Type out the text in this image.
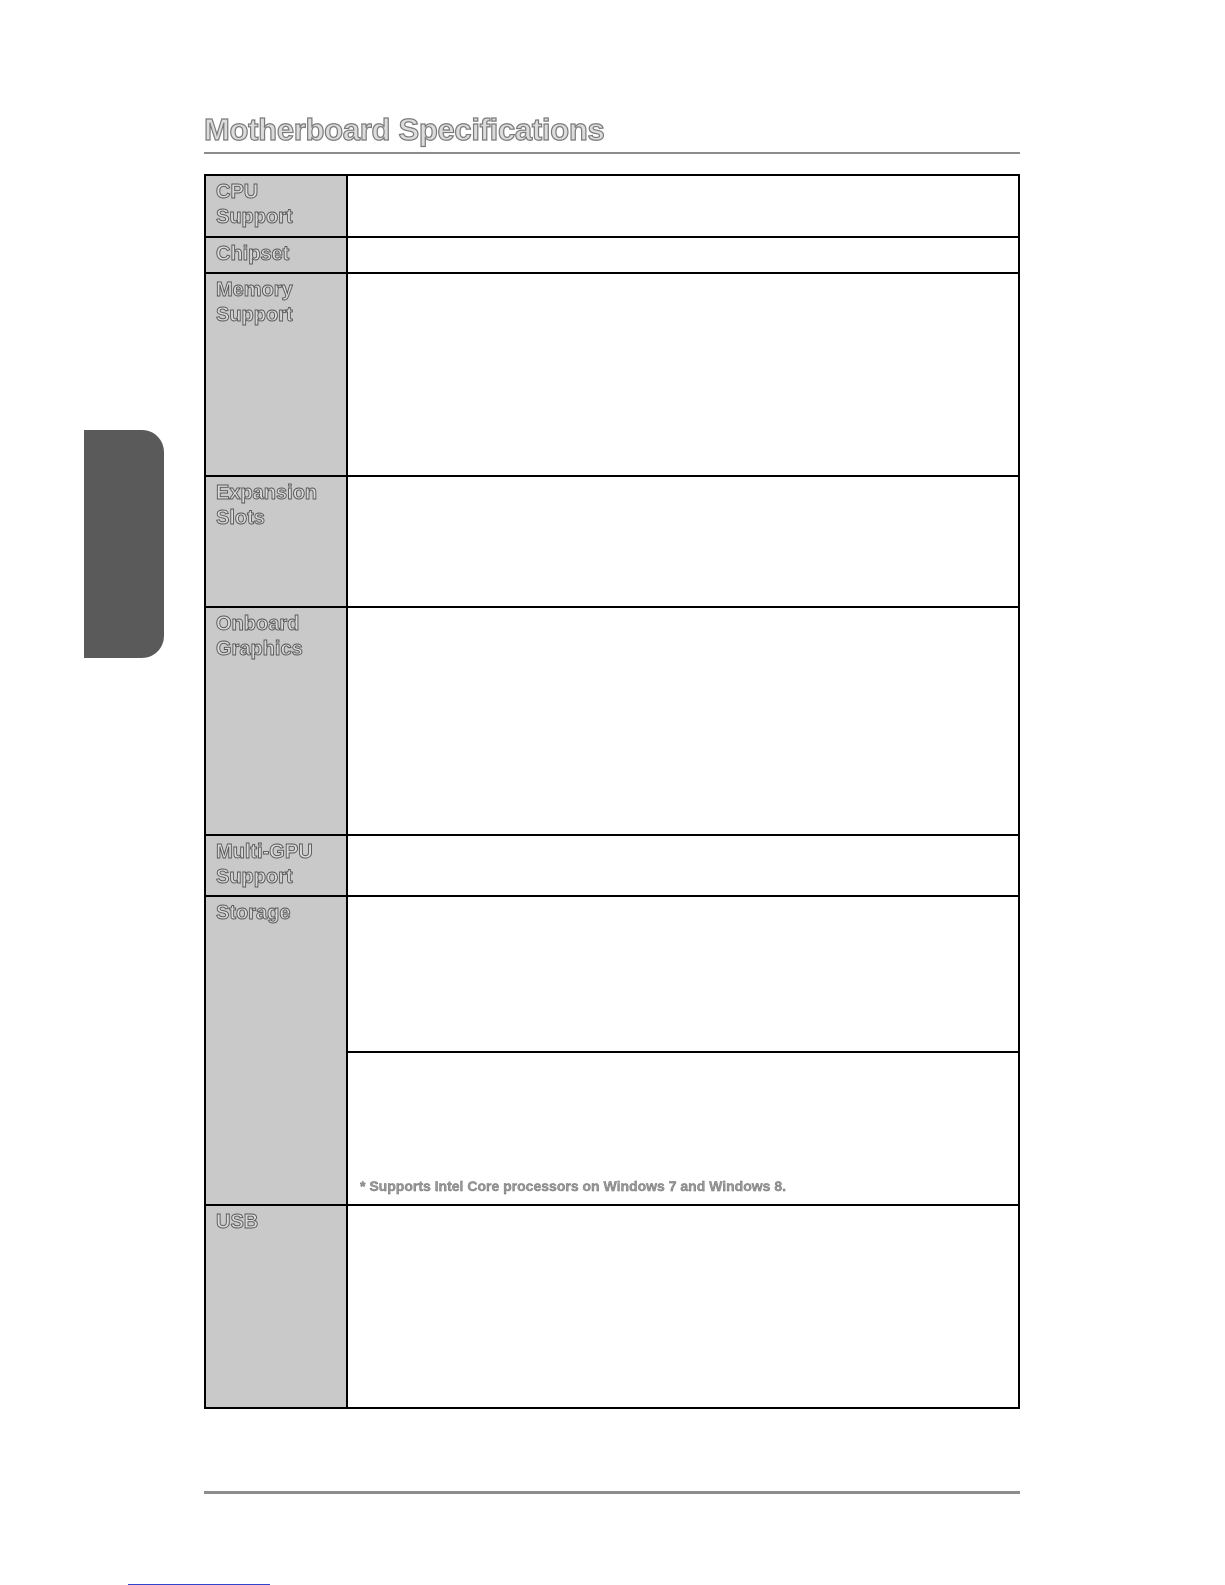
Motherboard Specifications
CPU
Support	

Chipset	

Memory
Support	

Expansion
Slots	

Onboard
Graphics	

Multi-GPU
Support	

Storage	

	* Supports Intel Core processors on Windows 7 and Windows 8.

USB	
